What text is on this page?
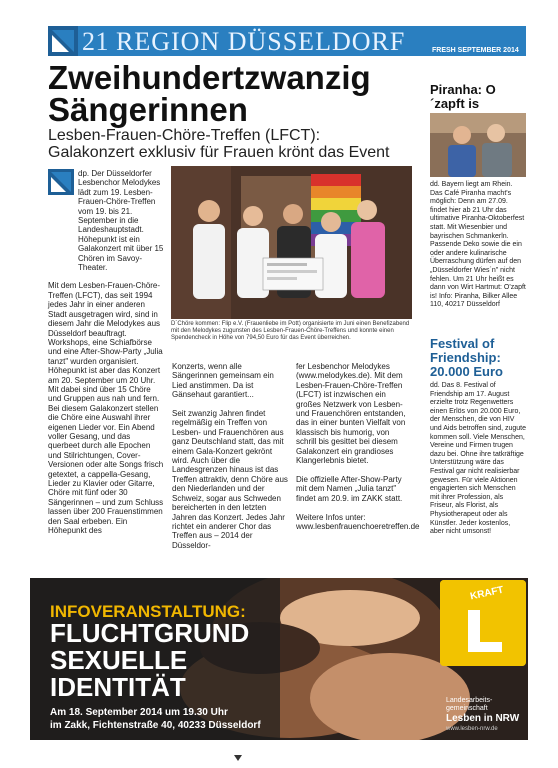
21 REGION DÜSSELDORF	FRESH SEPTEMBER 2014
Zweihundertzwanzig
Sängerinnen
Lesben-Frauen-Chöre-Treffen (LFCT):
Galakonzert exklusiv für Frauen krönt das Event
dp. Der Düsseldorfer Lesbenchor Melodykes lädt zum 19. Lesben-Frauen-Chöre-Treffen vom 19. bis 21. September in die Landeshauptstadt. Höhepunkt ist ein Galakonzert mit über 15 Chören im Savoy-Theater.
Mit dem Lesben-Frauen-Chöre-Treffen (LFCT), das seit 1994 jedes Jahr in einer anderen Stadt ausgetragen wird, sind in diesem Jahr die Melodykes aus Düsseldorf beauftragt. Workshops, eine Schiafbörse und eine After-Show-Party „Julia tanzt" wurden organisiert. Höhepunkt ist aber das Konzert am 20. September um 20 Uhr. Mit dabei sind über 15 Chöre und Gruppen aus nah und fern. Bei diesem Galakonzert stellen die Chöre eine Auswahl ihrer eigenen Lieder vor. Ein Abend voller Gesang, und das querbeet durch alle Epochen und Stilrichtungen, Cover-Versionen oder alte Songs frisch getextet, a cappella-Gesang, Lieder zu Klavier oder Gitarre, Chöre mit fünf oder 30 Sängerinnen – und zum Schluss lassen über 200 Frauenstimmen den Saal erbeben. Ein Höhepunkt des
D´Chöre kommen: Flip e.V. (Frauenliebe im Pott) organisierte im Juni einen Benefizabend mit den Melodykes zugunsten des Lesben-Frauen-Chöre-Treffens und konnte einen Spendencheck in Höhe von 794,50 Euro für das Event überreichen.
Konzerts, wenn alle Sängerinnen gemeinsam ein Lied anstimmen. Da ist Gänsehaut garantiert...

Seit zwanzig Jahren findet regelmäßig ein Treffen von Lesben- und Frauenchören aus ganz Deutschland statt, das mit einem Gala-Konzert gekrönt wird. Auch über die Landesgrenzen hinaus ist das Treffen attraktiv, denn Chöre aus den Niederlanden und der Schweiz, sogar aus Schweden bereicherten in den letzten Jahren das Konzert. Jedes Jahr richtet ein anderer Chor das Treffen aus – 2014 der Düsseldor-
fer Lesbenchor Melodykes (www.melodykes.de). Mit dem Lesben-Frauen-Chöre-Treffen (LFCT) ist inzwischen ein großes Netzwerk von Lesben- und Frauenchören entstanden, das in einer bunten Vielfalt von klassisch bis humorig, von schrill bis gesittet bei diesem Galakonzert ein grandioses Klangerlebnis bietet.

Die offizielle After-Show-Party mit dem Namen „Julia tanzt" findet am 20.9. im ZAKK statt.

Weitere Infos unter:
www.lesbenfrauenchoeretreffen.de
Piranha: O´zapft is
dd. Bayern liegt am Rhein. Das Café Piranha macht's möglich: Denn am 27.09. findet hier ab 21 Uhr das ultimative Piranha-Oktoberfest statt. Mit Wiesenbier und bayrischen Schmankerln. Passende Deko sowie die ein oder andere kulinarische Überraschung dürfen auf den „Düsseldorfer Wies´n" nicht fehlen. Um 21 Uhr heißt es dann von Wirt Hartmut: O'zapft is! Info: Piranha, Bilker Allee 110, 40217 Düsseldorf
Festival of Friendship: 20.000 Euro
dd. Das 8. Festival of Friendship am 17. August erzielte trotz Regenwetters einen Erlös von 20.000 Euro, der Menschen, die von HIV und Aids betroffen sind, zugute kommen soll. Viele Menschen, Vereine und Firmen trugen dazu bei. Ohne ihre tatkräftige Unterstützung wäre das Festival gar nicht realisierbar gewesen. Für viele Aktionen engagierten sich Menschen mit ihrer Profession, als Friseur, als Florist, als Physiotherapeut oder als Künstler. Jeder kostenlos, aber nicht umsonst!
INFOVERANSTALTUNG:
FLUCHTGRUND
SEXUELLE
IDENTITÄT
Am 18. September 2014 um 19.30 Uhr
im Zakk, Fichtenstraße 40, 40233 Düsseldorf
KRAFT
Landesarbeits-
gemeinschaft
Lesben in NRW
www.lesben-nrw.de
